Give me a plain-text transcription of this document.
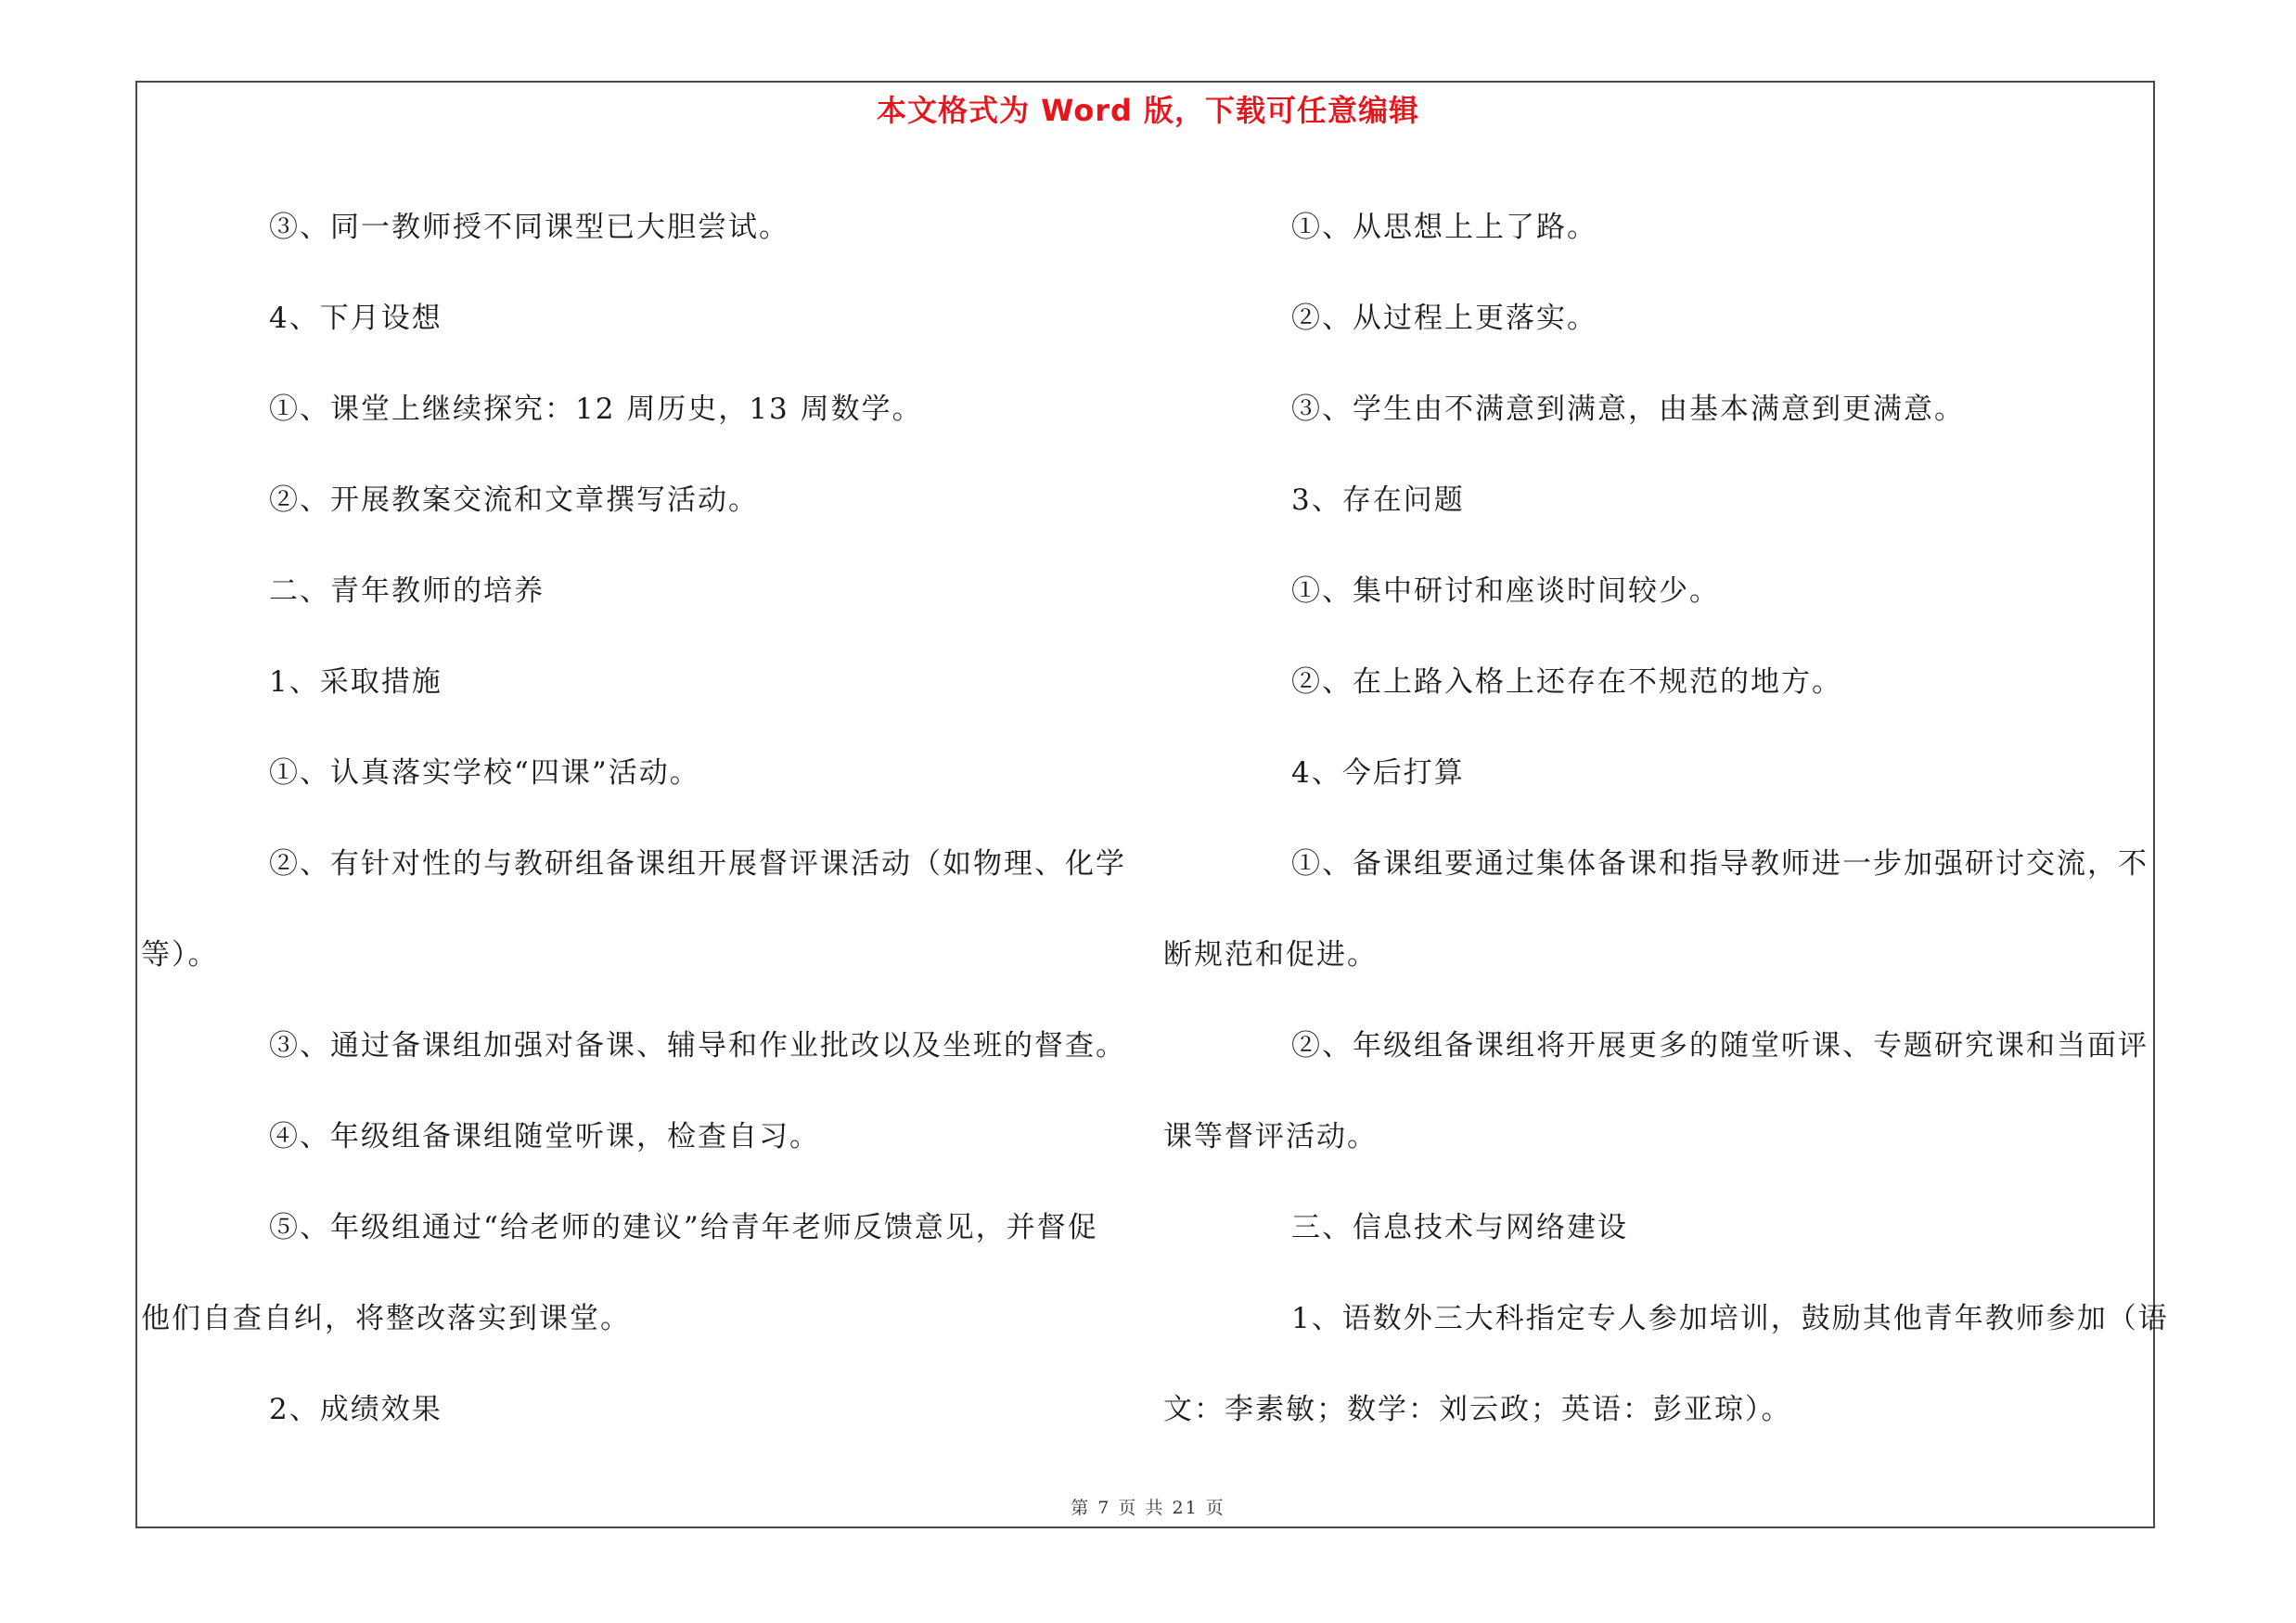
本文格式为 Word 版，下载可任意编辑

③、同一教师授不同课型已大胆尝试。

4、下月设想

①、课堂上继续探究：12 周历史，13 周数学。

②、开展教案交流和文章撰写活动。

二、青年教师的培养

1、采取措施

①、认真落实学校“四课”活动。

②、有针对性的与教研组备课组开展督评课活动（如物理、化学

等）。

③、通过备课组加强对备课、辅导和作业批改以及坐班的督查。

④、年级组备课组随堂听课，检查自习。

⑤、年级组通过“给老师的建议”给青年老师反馈意见，并督促

他们自查自纠，将整改落实到课堂。

2、成绩效果

①、从思想上上了路。

②、从过程上更落实。

③、学生由不满意到满意，由基本满意到更满意。

3、存在问题

①、集中研讨和座谈时间较少。

②、在上路入格上还存在不规范的地方。

4、今后打算

①、备课组要通过集体备课和指导教师进一步加强研讨交流，不

断规范和促进。

②、年级组备课组将开展更多的随堂听课、专题研究课和当面评

课等督评活动。

三、信息技术与网络建设

1、语数外三大科指定专人参加培训，鼓励其他青年教师参加（语

文：李素敏；数学：刘云政；英语：彭亚琼）。

第 7 页 共 21 页
